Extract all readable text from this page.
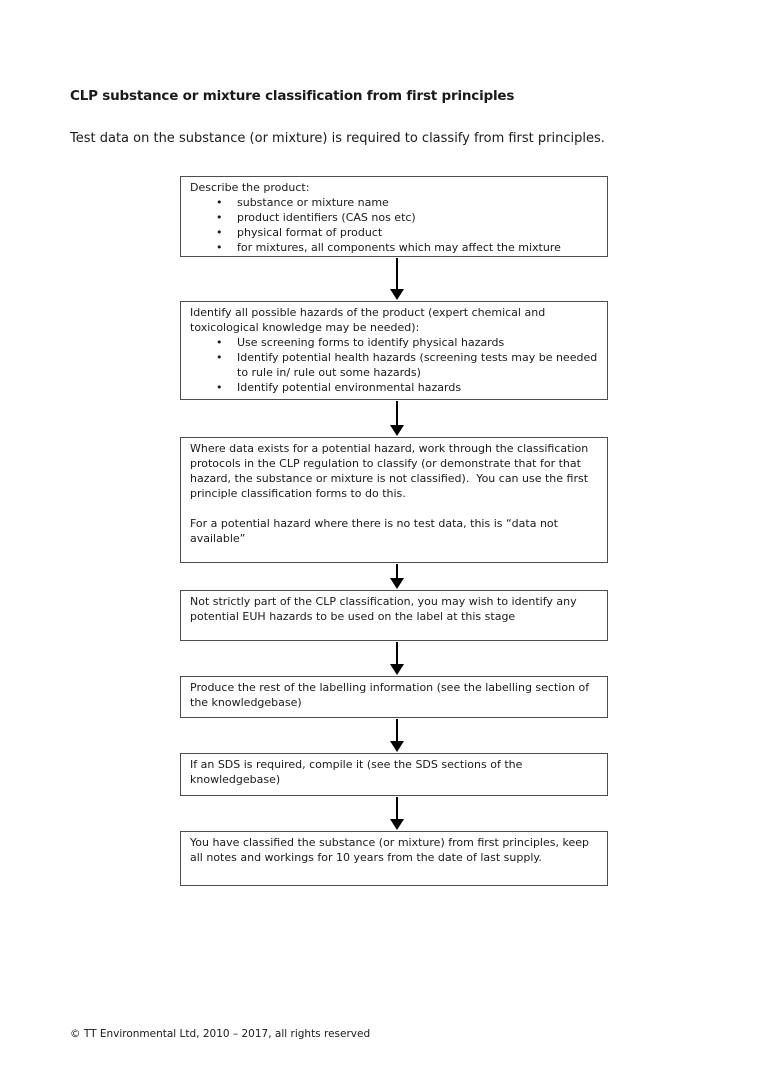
CLP substance or mixture classification from first principles
Test data on the substance (or mixture) is required to classify from first principles.
Describe the product:
• substance or mixture name
• product identifiers (CAS nos etc)
• physical format of product
• for mixtures, all components which may affect the mixture
Identify all possible hazards of the product (expert chemical and toxicological knowledge may be needed):
• Use screening forms to identify physical hazards
• Identify potential health hazards (screening tests may be needed to rule in/ rule out some hazards)
• Identify potential environmental hazards

Where data exists for a potential hazard, work through the classification protocols in the CLP regulation to classify (or demonstrate that for that hazard, the substance or mixture is not classified).  You can use the first principle classification forms to do this.

For a potential hazard where there is no test data, this is “data not available”

Not strictly part of the CLP classification, you may wish to identify any potential EUH hazards to be used on the label at this stage

Produce the rest of the labelling information (see the labelling section of the knowledgebase)

If an SDS is required, compile it (see the SDS sections of the knowledgebase)

You have classified the substance (or mixture) from first principles, keep all notes and workings for 10 years from the date of last supply.

© TT Environmental Ltd, 2010 – 2017, all rights reserved
